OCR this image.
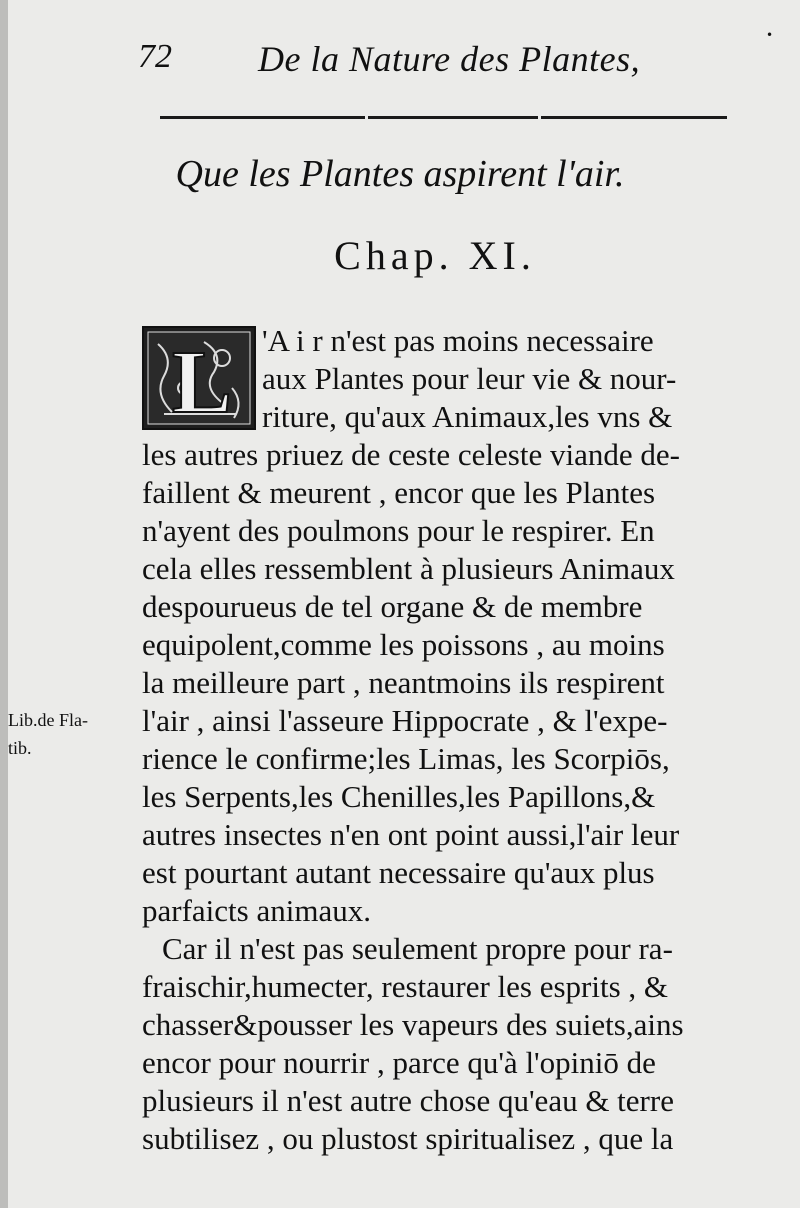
•
72 De la Nature des Plantes,
Que les Plantes aspirent l'air.
Chap. XI.
L 'A i r n'est pas moins necessaire
aux Plantes pour leur vie & nour-
riture, qu'aux Animaux,les vns &
les autres priuez de ceste celeste viande de-
faillent & meurent , encor que les Plantes
n'ayent des poulmons pour le respirer. En
cela elles ressemblent à plusieurs Animaux
despourueus de tel organe & de membre
equipolent,comme les poissons , au moins
la meilleure part , neantmoins ils respirent
l'air , ainsi l'asseure Hippocrate , & l'expe-
rience le confirme;les Limas, les Scorpiōs,
les Serpents,les Chenilles,les Papillons,&
autres insectes n'en ont point aussi,l'air leur
est pourtant autant necessaire qu'aux plus
parfaicts animaux.
Car il n'est pas seulement propre pour ra-
fraischir,humecter, restaurer les esprits , &
chasser&pousser les vapeurs des suiets,ains
encor pour nourrir , parce qu'à l'opiniō de
plusieurs il n'est autre chose qu'eau & terre
subtilisez , ou plustost spiritualisez , que la
Lib.de Fla-
tib.
